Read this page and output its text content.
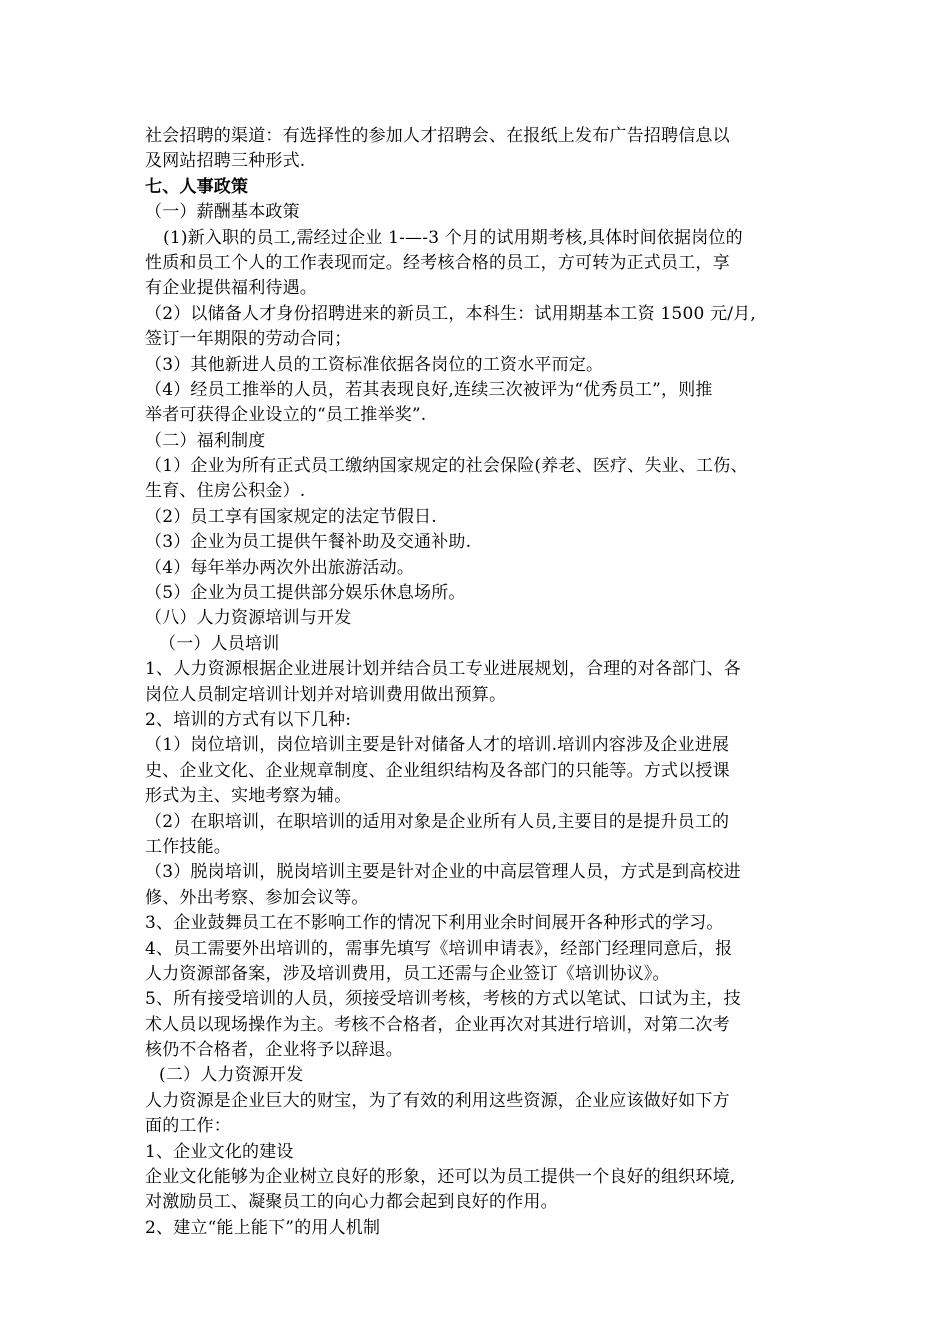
社会招聘的渠道：有选择性的参加人才招聘会、在报纸上发布广告招聘信息以
及网站招聘三种形式.
七、人事政策
（一）薪酬基本政策
(1)新入职的员工,需经过企业 1-—-3 个月的试用期考核,具体时间依据岗位的
性质和员工个人的工作表现而定。经考核合格的员工，方可转为正式员工，享
有企业提供福利待遇。
（2）以储备人才身份招聘进来的新员工，本科生：试用期基本工资 1500 元/月,
签订一年期限的劳动合同；
（3）其他新进人员的工资标准依据各岗位的工资水平而定。
（4）经员工推举的人员，若其表现良好,连续三次被评为“优秀员工”，则推
举者可获得企业设立的“员工推举奖”.
（二）福利制度
（1）企业为所有正式员工缴纳国家规定的社会保险(养老、医疗、失业、工伤、
生育、住房公积金）.
（2）员工享有国家规定的法定节假日.
（3）企业为员工提供午餐补助及交通补助.
（4）每年举办两次外出旅游活动。
（5）企业为员工提供部分娱乐休息场所。
（八）人力资源培训与开发
（一）人员培训
1、人力资源根据企业进展计划并结合员工专业进展规划，合理的对各部门、各
岗位人员制定培训计划并对培训费用做出预算。
2、培训的方式有以下几种:
（1）岗位培训，岗位培训主要是针对储备人才的培训.培训内容涉及企业进展
史、企业文化、企业规章制度、企业组织结构及各部门的只能等。方式以授课
形式为主、实地考察为辅。
（2）在职培训，在职培训的适用对象是企业所有人员,主要目的是提升员工的
工作技能。
（3）脱岗培训，脱岗培训主要是针对企业的中高层管理人员，方式是到高校进
修、外出考察、参加会议等。
3、企业鼓舞员工在不影响工作的情况下利用业余时间展开各种形式的学习。
4、员工需要外出培训的，需事先填写《培训申请表》，经部门经理同意后，报
人力资源部备案，涉及培训费用，员工还需与企业签订《培训协议》。
5、所有接受培训的人员，须接受培训考核，考核的方式以笔试、口试为主，技
术人员以现场操作为主。考核不合格者，企业再次对其进行培训，对第二次考
核仍不合格者，企业将予以辞退。
(二）人力资源开发
人力资源是企业巨大的财宝，为了有效的利用这些资源，企业应该做好如下方
面的工作：
1、企业文化的建设
企业文化能够为企业树立良好的形象，还可以为员工提供一个良好的组织环境,
对激励员工、凝聚员工的向心力都会起到良好的作用。
2、建立“能上能下”的用人机制
